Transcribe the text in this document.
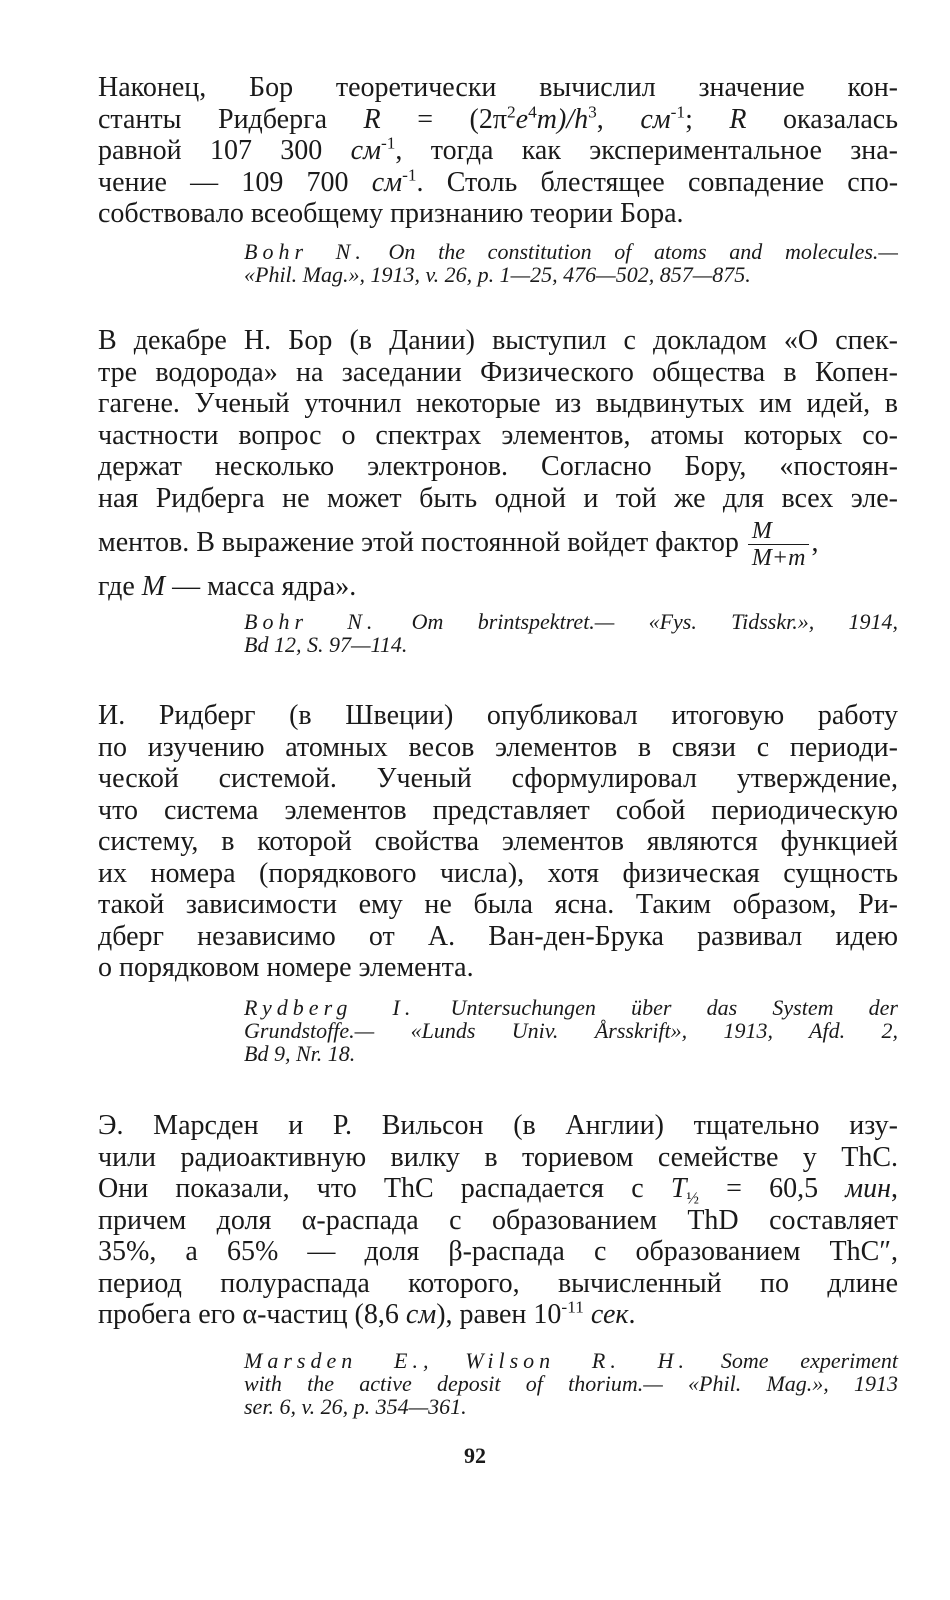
Наконец, Бор теоретически вычислил значение кон-
станты Ридберга $R = (2\pi^2e^4m)/h^3$, $см^{-1}$; R оказалась
равной 107 300 $см^{-1}$, тогда как экспериментальное зна-
чение — 109 700 $см^{-1}$. Столь блестящее совпадение спо-
собствовало всеобщему признанию теории Бора.

Bohr N. On the constitution of atoms and molecules.—
«Phil. Mag.», 1913, v. 26, p. 1—25, 476—502, 857—875.

В декабре Н. Бор (в Дании) выступил с докладом «О спек-
тре водорода» на заседании Физического общества в Копен-
гагене. Ученый уточнил некоторые из выдвинутых им идей, в
частности вопрос о спектрах элементов, атомы которых со-
держат несколько электронов. Согласно Бору, «постоян-
ная Ридберга не может быть одной и той же для всех эле-
ментов. В выражение этой постоянной войдет фактор $\frac{M}{M+m}$ ,
где M — масса ядра».

Bohr N. Om brintspektret.— «Fys. Tidsskr.», 1914,
Bd 12, S. 97—114.

И. Ридберг (в Швеции) опубликовал итоговую работу
по изучению атомных весов элементов в связи с периоди-
ческой системой. Ученый сформулировал утверждение,
что система элементов представляет собой периодическую
систему, в которой свойства элементов являются функцией
их номера (порядкового числа), хотя физическая сущность
такой зависимости ему не была ясна. Таким образом, Ри-
дберг независимо от А. Ван-ден-Брука развивал идею
о порядковом номере элемента.

Rydberg I. Untersuchungen über das System der
Grundstoffe.— «Lunds Univ. Årsskrift», 1913, Afd. 2,
Bd 9, Nr. 18.

Э. Марсден и Р. Вильсон (в Англии) тщательно изу-
чили радиоактивную вилку в ториевом семействе у ThC.
Они показали, что ThC распадается с $T_{\frac{1}{2}} = 60,5$ мин,
причем доля α-распада с образованием ThD составляет
35%, а 65% — доля β-распада с образованием ThC″,
период полураспада которого, вычисленный по длине
пробега его α-частиц (8,6 см), равен $10^{-11}$ сек.

Marsden E., Wilson R. H. Some experiment
with the active deposit of thorium.— «Phil. Mag.», 1913
ser. 6, v. 26, p. 354—361.

92
